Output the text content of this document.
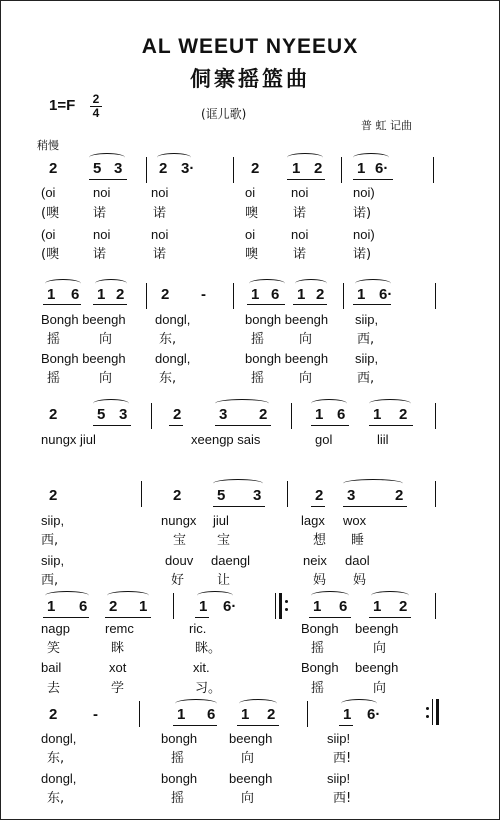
AL WEEUT NYEEUX
侗寨摇篮曲
1=F	2
4	(诓儿歌)
普 虹 记曲
稍慢
2 5 3 2 3·	2 1 2 1 6·
(oi	noi	noi	oi	noi	noi)
(噢	诺	诺	噢	诺	诺)
(oi	noi	noi	oi	noi	noi)
(噢	诺	诺	噢	诺	诺)
1 6 1 2 2 -	1 6 1 2 1 6·
Bongh beengh dongl,	bongh beengh siip,
摇	向	东,	摇	向	西,
Bongh beengh dongl,	bongh beengh siip,
摇	向	东,	摇	向	西,
2	5 3	2	3 2	1 6 1 2
nungx jiul	xeengp sais	gol	liil
2	2 5 3	2 3	2
siip,	nungx jiul	lagx wox
西,	宝 宝	想 睡
siip,	douv daengl	neix daol
西,	好	让	妈 妈
1 6 2 1	1 6·	1 6 1 2
nagp	remc	ric.	Bongh beengh
笑	眯	眯。	摇	向
bail	xot	xit.	Bongh beengh
去	学	习。	摇	向
2 -	1 6 1 2	1 6·
dongl,	bongh beengh	siip!
东,	摇	向	西!
dongl,	bongh beengh	siip!
东,	摇	向	西!
